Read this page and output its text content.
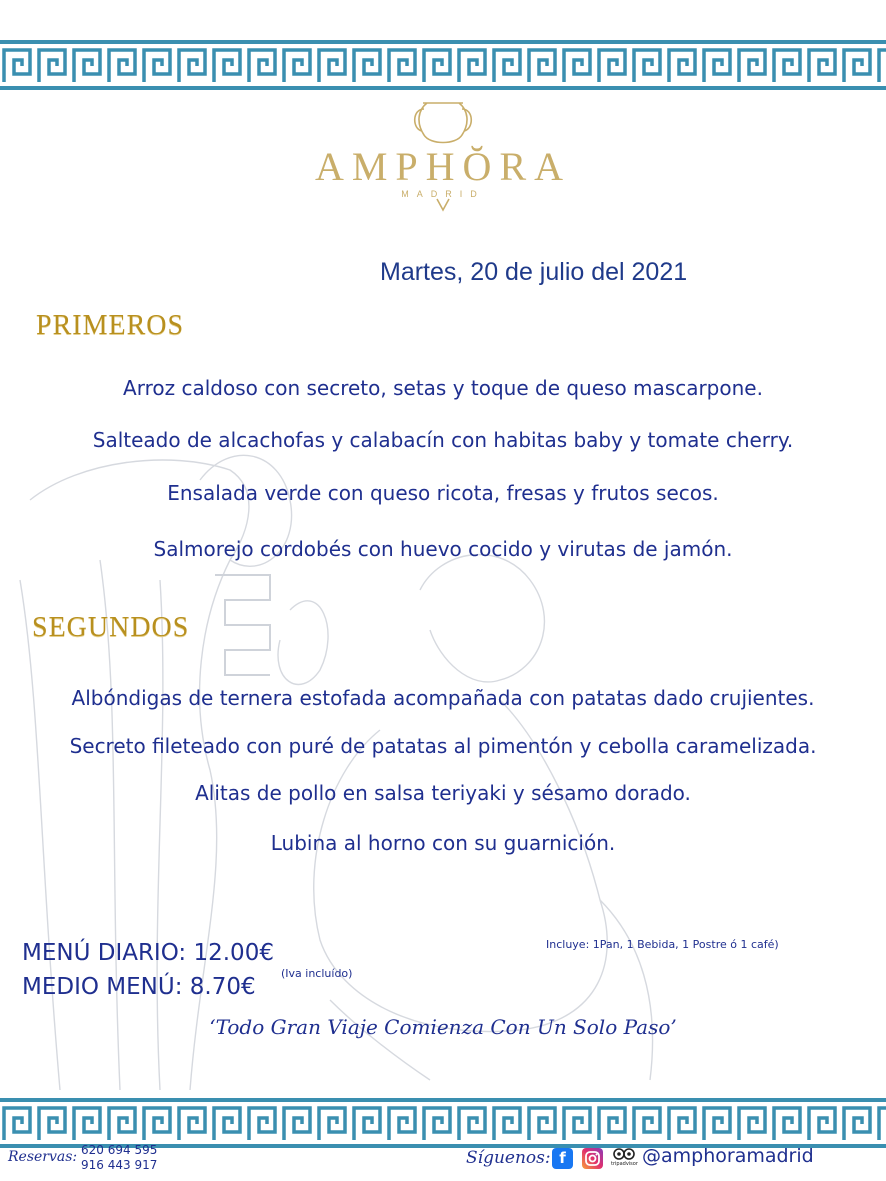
AMPHŎRA
MADRID
Martes, 20 de julio del 2021
PRIMEROS
Arroz caldoso con secreto, setas y toque de queso mascarpone.
Salteado de alcachofas y calabacín con habitas baby y tomate cherry.
Ensalada verde con queso ricota, fresas y frutos secos.
Salmorejo cordobés con huevo cocido y virutas de jamón.
SEGUNDOS
Albóndigas de ternera estofada acompañada con patatas dado crujientes.
Secreto fileteado con puré de patatas al pimentón y cebolla caramelizada.
Alitas de pollo en salsa teriyaki y sésamo dorado.
Lubina al horno con su guarnición.
MENÚ DIARIO: 12.00€
MEDIO MENÚ: 8.70€
(Iva incluído)
Incluye: 1Pan, 1 Bebida, 1 Postre ó 1 café)
‘Todo Gran Viaje Comienza Con Un Solo Paso’
Reservas: 620 694 595
916 443 917	Síguenos: f	tripadvisor @amphoramadrid
